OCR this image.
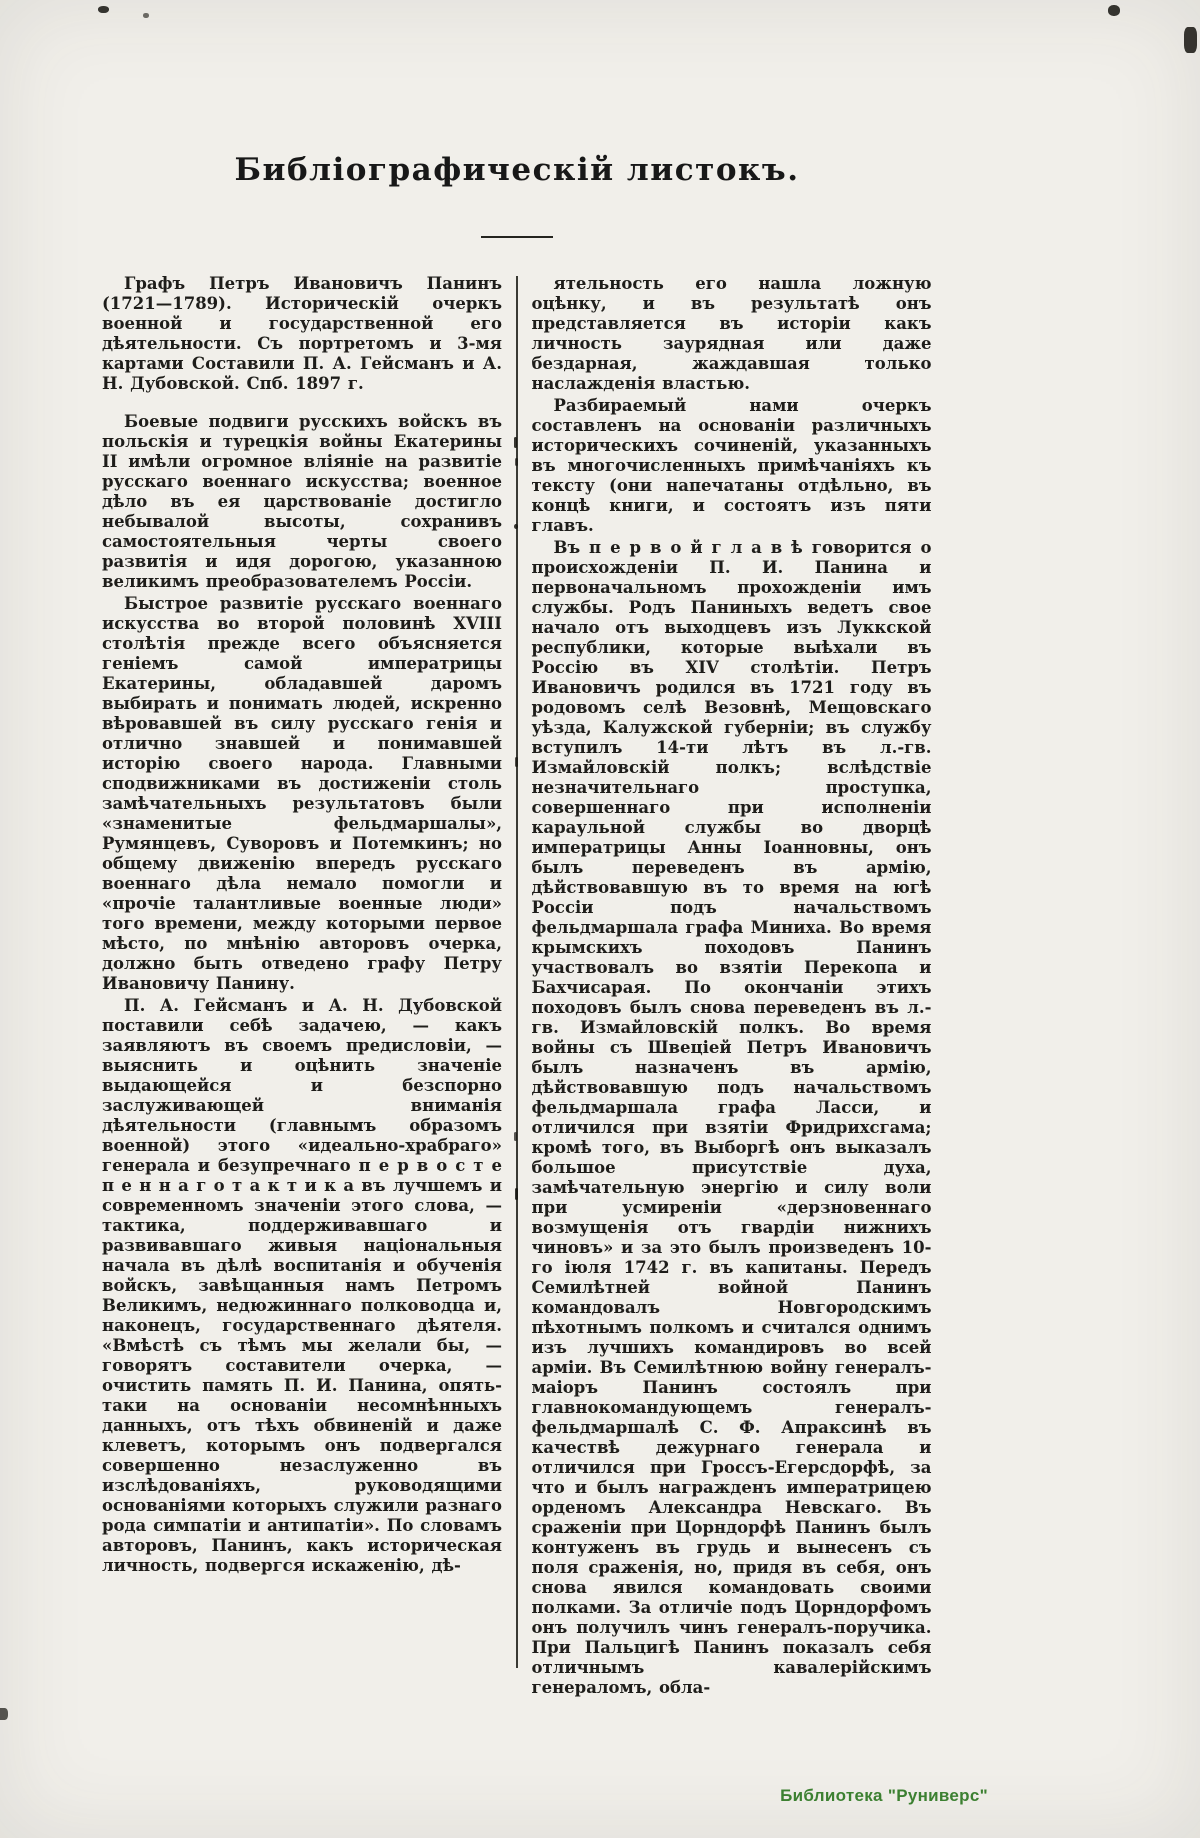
Библіографическій листокъ.

Графъ Петръ Ивановичъ Панинъ (1721—1789). Историческій очеркъ военной и государственной его дѣятельности. Съ портретомъ и 3-мя картами Составили П. А. Гейсманъ и А. Н. Дубовской. Спб. 1897 г.

Боевые подвиги русскихъ войскъ въ польскія и турецкія войны Екатерины II имѣли огромное вліяніе на развитіе русскаго военнаго искусства; военное дѣло въ ея царствованіе достигло небывалой высоты, сохранивъ самостоятельныя черты своего развитія и идя дорогою, указанною великимъ преобразователемъ Россіи.

Быстрое развитіе русскаго военнаго искусства во второй половинѣ XVIII столѣтія прежде всего объясняется геніемъ самой императрицы Екатерины, обладавшей даромъ выбирать и понимать людей, искренно вѣровавшей въ силу русскаго генія и отлично знавшей и понимавшей исторію своего народа. Главными сподвижниками въ достиженіи столь замѣчательныхъ результатовъ были «знаменитые фельдмаршалы», Румянцевъ, Суворовъ и Потемкинъ; но общему движенію впередъ русскаго военнаго дѣла немало помогли и «прочіе талантливые военные люди» того времени, между которыми первое мѣсто, по мнѣнію авторовъ очерка, должно быть отведено графу Петру Ивановичу Панину.

П. А. Гейсманъ и А. Н. Дубовской поставили себѣ задачею, — какъ заявляютъ въ своемъ предисловіи, — выяснить и оцѣнить значеніе выдающейся и безспорно заслуживающей вниманія дѣятельности (главнымъ образомъ военной) этого «идеально-храбраго» генерала и безупречнаго п е р в о с т е п е н н а г о т а к т и к а въ лучшемъ и современномъ значеніи этого слова, — тактика, поддерживавшаго и развивавшаго живыя національныя начала въ дѣлѣ воспитанія и обученія войскъ, завѣщанныя намъ Петромъ Великимъ, недюжиннаго полководца и, наконецъ, государственнаго дѣятеля. «Вмѣстѣ съ тѣмъ мы желали бы, — говорятъ составители очерка, — очистить память П. И. Панина, опять-таки на основаніи несомнѣнныхъ данныхъ, отъ тѣхъ обвиненій и даже клеветъ, которымъ онъ подвергался совершенно незаслуженно въ изслѣдованіяхъ, руководящими основаніями которыхъ служили разнаго рода симпатіи и антипатіи». По словамъ авторовъ, Панинъ, какъ историческая личность, подвергся искаженію, дѣ-

ятельность его нашла ложную оцѣнку, и въ результатѣ онъ представляется въ исторіи какъ личность заурядная или даже бездарная, жаждавшая только наслажденія властью.

Разбираемый нами очеркъ составленъ на основаніи различныхъ историческихъ сочиненій, указанныхъ въ многочисленныхъ примѣчаніяхъ къ тексту (они напечатаны отдѣльно, въ концѣ книги, и состоятъ изъ пяти главъ.

Въ п е р в о й г л а в ѣ говорится о происхожденіи П. И. Панина и первоначальномъ прохожденіи имъ службы. Родъ Паниныхъ ведетъ свое начало отъ выходцевъ изъ Луккской республики, которые выѣхали въ Россію въ XIV столѣтіи. Петръ Ивановичъ родился въ 1721 году въ родовомъ селѣ Везовнѣ, Мещовскаго уѣзда, Калужской губерніи; въ службу вступилъ 14-ти лѣтъ въ л.-гв. Измайловскій полкъ; вслѣдствіе незначительнаго проступка, совершеннаго при исполненіи караульной службы во дворцѣ императрицы Анны Іоанновны, онъ былъ переведенъ въ армію, дѣйствовавшую въ то время на югѣ Россіи подъ начальствомъ фельдмаршала графа Миниха. Во время крымскихъ походовъ Панинъ участвовалъ во взятіи Перекопа и Бахчисарая. По окончаніи этихъ походовъ былъ снова переведенъ въ л.-гв. Измайловскій полкъ. Во время войны съ Швеціей Петръ Ивановичъ былъ назначенъ въ армію, дѣйствовавшую подъ начальствомъ фельдмаршала графа Ласси, и отличился при взятіи Фридрихсгама; кромѣ того, въ Выборгѣ онъ выказалъ большое присутствіе духа, замѣчательную энергію и силу воли при усмиреніи «дерзновеннаго возмущенія отъ гвардіи нижнихъ чиновъ» и за это былъ произведенъ 10-го іюля 1742 г. въ капитаны. Передъ Семилѣтней войной Панинъ командовалъ Новгородскимъ пѣхотнымъ полкомъ и считался однимъ изъ лучшихъ командировъ во всей арміи. Въ Семилѣтнюю войну генералъ-маіоръ Панинъ состоялъ при главнокомандующемъ генералъ-фельдмаршалѣ С. Ф. Апраксинѣ въ качествѣ дежурнаго генерала и отличился при Гроссъ-Егерсдорфѣ, за что и былъ награжденъ императрицею орденомъ Александра Невскаго. Въ сраженіи при Цорндорфѣ Панинъ былъ контуженъ въ грудь и вынесенъ съ поля сраженія, но, придя въ себя, онъ снова явился командовать своими полками. За отличіе подъ Цорндорфомъ онъ получилъ чинъ генералъ-поручика. При Пальцигѣ Панинъ показалъ себя отличнымъ кавалерійскимъ генераломъ, обла-

Библиотека "Руниверс"
